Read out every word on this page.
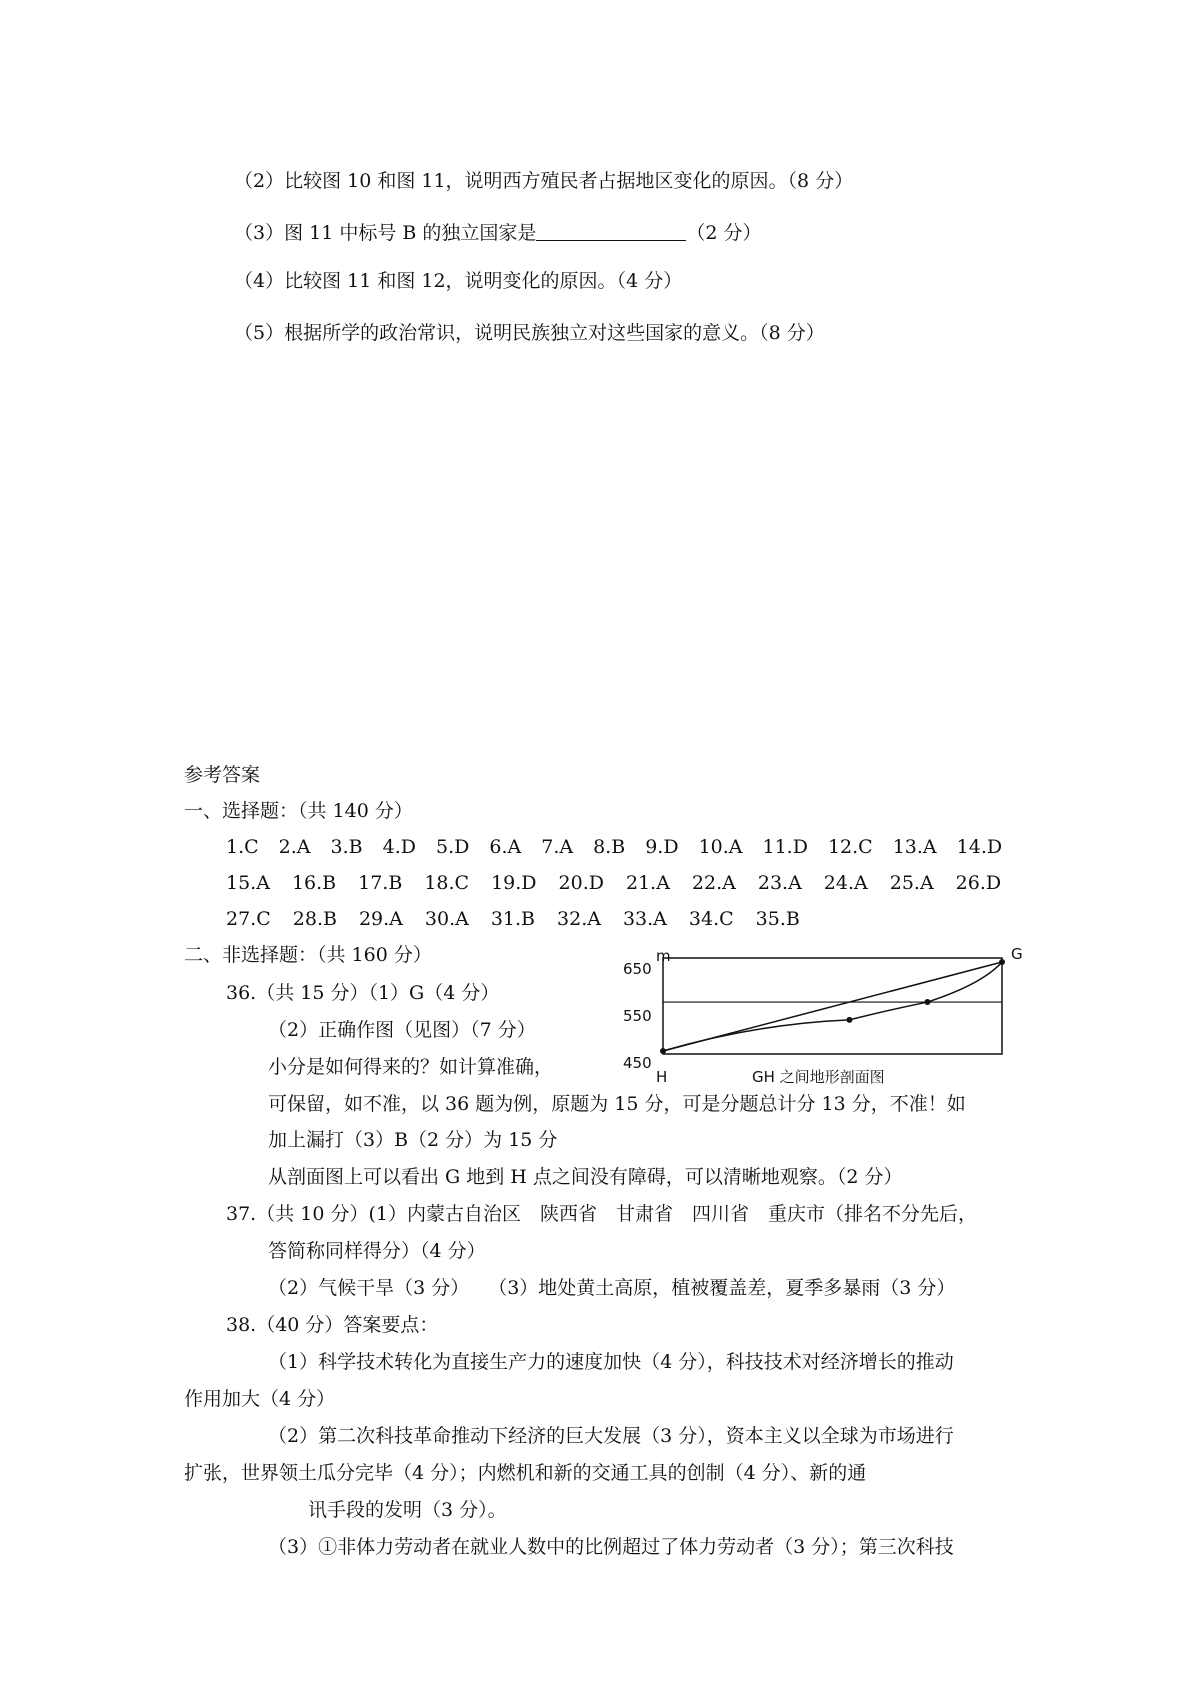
（2）比较图 10 和图 11，说明西方殖民者占据地区变化的原因。（8 分）
（3）图 11 中标号 B 的独立国家是	（2 分）
（4）比较图 11 和图 12，说明变化的原因。（4 分）
（5）根据所学的政治常识，说明民族独立对这些国家的意义。（8 分）
参考答案
一、选择题：（共 140 分）
1.C 2.A 3.B 4.D 5.D 6.A 7.A 8.B 9.D 10.A 11.D 12.C 13.A 14.D
15.A 16.B 17.B 18.C 19.D 20.D 21.A 22.A 23.A 24.A 25.A 26.D
27.C 28.B 29.A 30.A 31.B 32.A 33.A 34.C 35.B
二、非选择题：（共 160 分）
36.（共 15 分）（1）G（4 分）
（2）正确作图（见图）（7 分）
小分是如何得来的？如计算准确，
可保留，如不准，以 36 题为例，原题为 15 分，可是分题总计分 13 分，不准！如
加上漏打（3）B（2 分）为 15 分
从剖面图上可以看出 G 地到 H 点之间没有障碍，可以清晰地观察。（2 分）
37.（共 10 分）(1）内蒙古自治区　陕西省　甘肃省　四川省　重庆市（排名不分先后，
答简称同样得分）（4 分）
（2）气候干旱（3 分）　　（3）地处黄土高原，植被覆盖差，夏季多暴雨（3 分）
38.（40 分）答案要点：
（1）科学技术转化为直接生产力的速度加快（4 分），科技技术对经济增长的推动
作用加大（4 分）
（2）第二次科技革命推动下经济的巨大发展（3 分），资本主义以全球为市场进行
扩张，世界领土瓜分完毕（4 分）；内燃机和新的交通工具的创制（4 分）、新的通
讯手段的发明（3 分）。
（3）①非体力劳动者在就业人数中的比例超过了体力劳动者（3 分）；第三次科技
m
650
550
450
G
H	GH 之间地形剖面图
